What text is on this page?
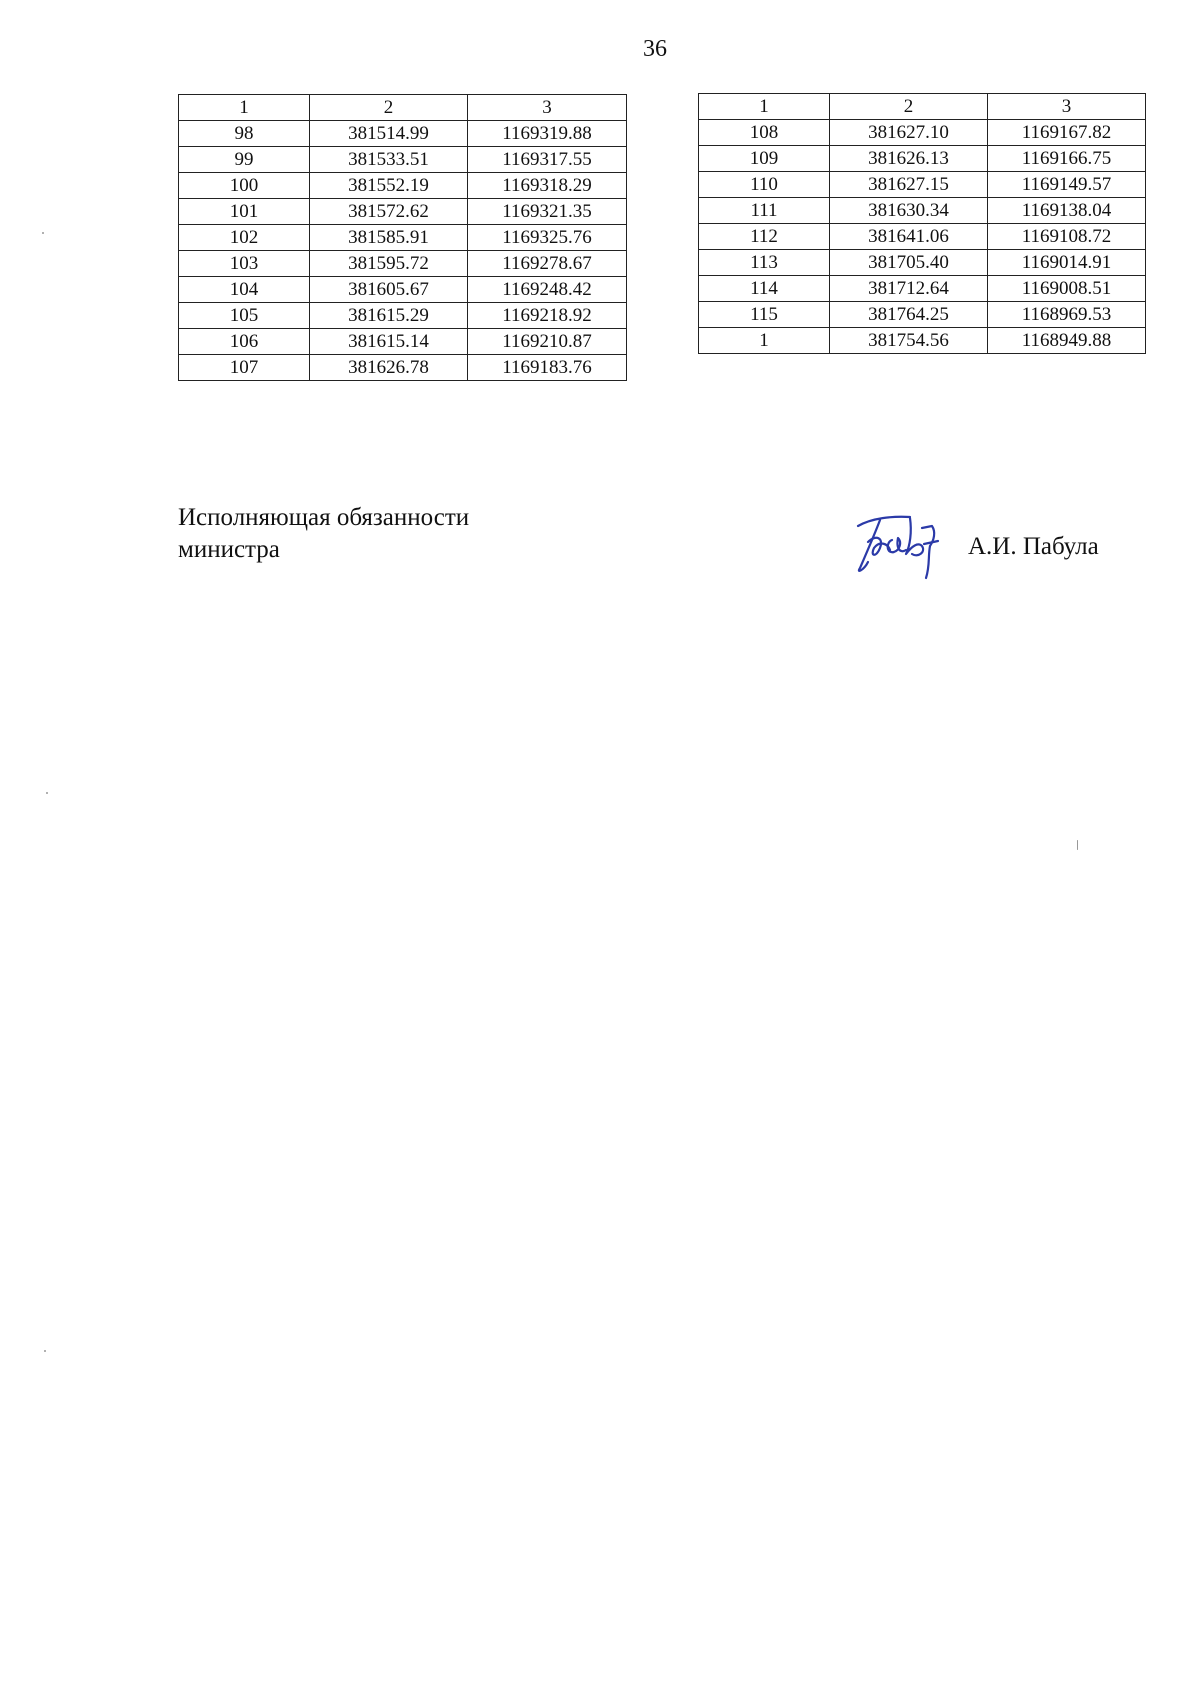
36
1	2	3
98	381514.99	1169319.88
99	381533.51	1169317.55
100	381552.19	1169318.29
101	381572.62	1169321.35
102	381585.91	1169325.76
103	381595.72	1169278.67
104	381605.67	1169248.42
105	381615.29	1169218.92
106	381615.14	1169210.87
107	381626.78	1169183.76
1	2	3
108	381627.10	1169167.82
109	381626.13	1169166.75
110	381627.15	1169149.57
111	381630.34	1169138.04
112	381641.06	1169108.72
113	381705.40	1169014.91
114	381712.64	1169008.51
115	381764.25	1168969.53
1	381754.56	1168949.88
Исполняющая обязанности
министра	А.И. Пабула
